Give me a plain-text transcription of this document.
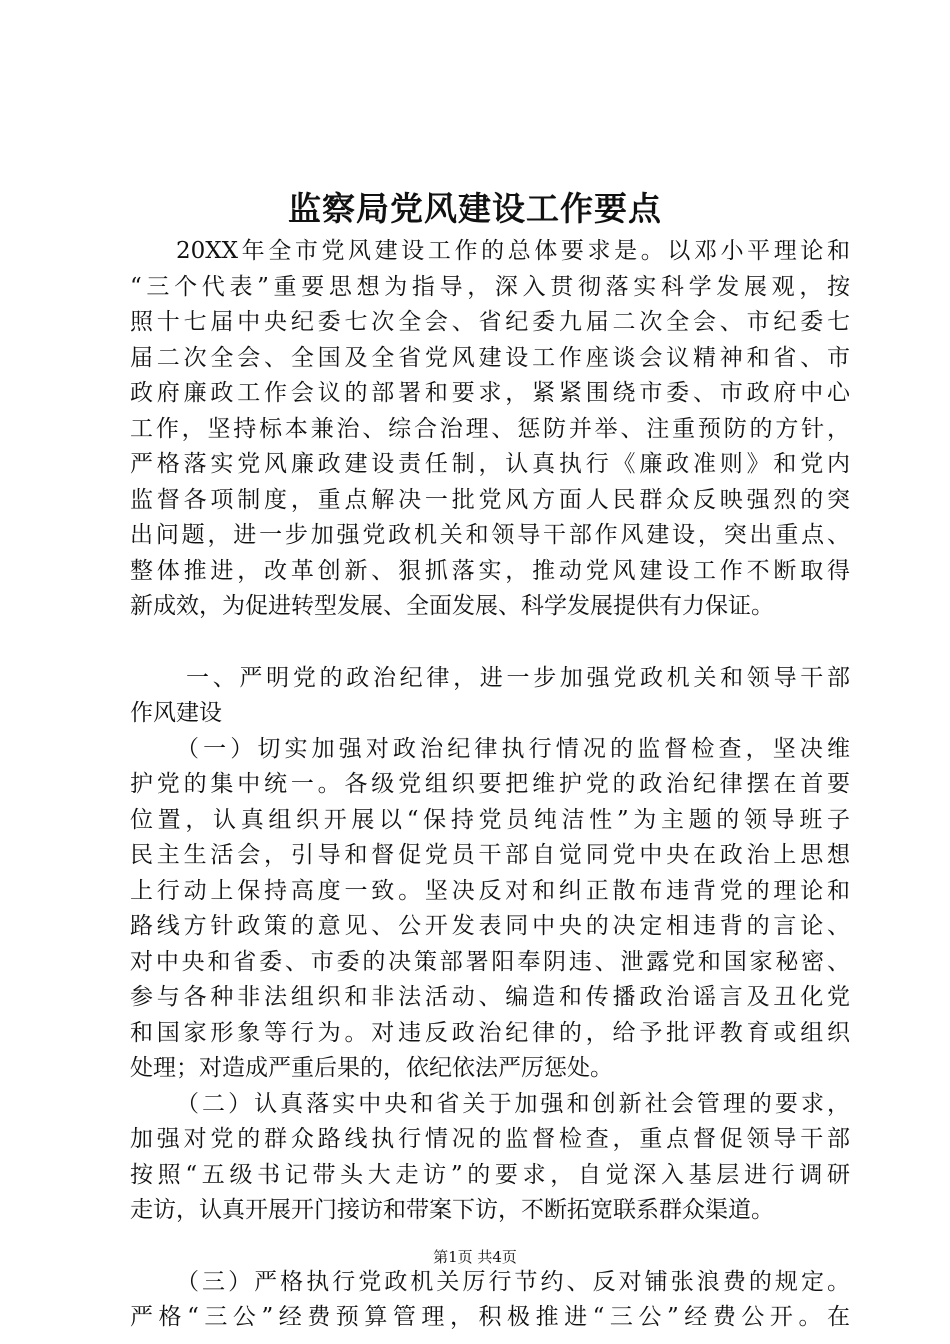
监察局党风建设工作要点
20XX年全市党风建设工作的总体要求是。以邓小平理论和
“三个代表”重要思想为指导，深入贯彻落实科学发展观，按
照十七届中央纪委七次全会、省纪委九届二次全会、市纪委七
届二次全会、全国及全省党风建设工作座谈会议精神和省、市
政府廉政工作会议的部署和要求，紧紧围绕市委、市政府中心
工作，坚持标本兼治、综合治理、惩防并举、注重预防的方针，
严格落实党风廉政建设责任制，认真执行《廉政准则》和党内
监督各项制度，重点解决一批党风方面人民群众反映强烈的突
出问题，进一步加强党政机关和领导干部作风建设，突出重点、
整体推进，改革创新、狠抓落实，推动党风建设工作不断取得
新成效，为促进转型发展、全面发展、科学发展提供有力保证。
一、严明党的政治纪律，进一步加强党政机关和领导干部
作风建设
（一）切实加强对政治纪律执行情况的监督检查，坚决维
护党的集中统一。各级党组织要把维护党的政治纪律摆在首要
位置，认真组织开展以“保持党员纯洁性”为主题的领导班子
民主生活会，引导和督促党员干部自觉同党中央在政治上思想
上行动上保持高度一致。坚决反对和纠正散布违背党的理论和
路线方针政策的意见、公开发表同中央的决定相违背的言论、
对中央和省委、市委的决策部署阳奉阴违、泄露党和国家秘密、
参与各种非法组织和非法活动、编造和传播政治谣言及丑化党
和国家形象等行为。对违反政治纪律的，给予批评教育或组织
处理；对造成严重后果的，依纪依法严厉惩处。
（二）认真落实中央和省关于加强和创新社会管理的要求，
加强对党的群众路线执行情况的监督检查，重点督促领导干部
按照“五级书记带头大走访”的要求，自觉深入基层进行调研
走访，认真开展开门接访和带案下访，不断拓宽联系群众渠道。
（三）严格执行党政机关厉行节约、反对铺张浪费的规定。
严格“三公”经费预算管理，积极推进“三公”经费公开。在
第1页 共4页
